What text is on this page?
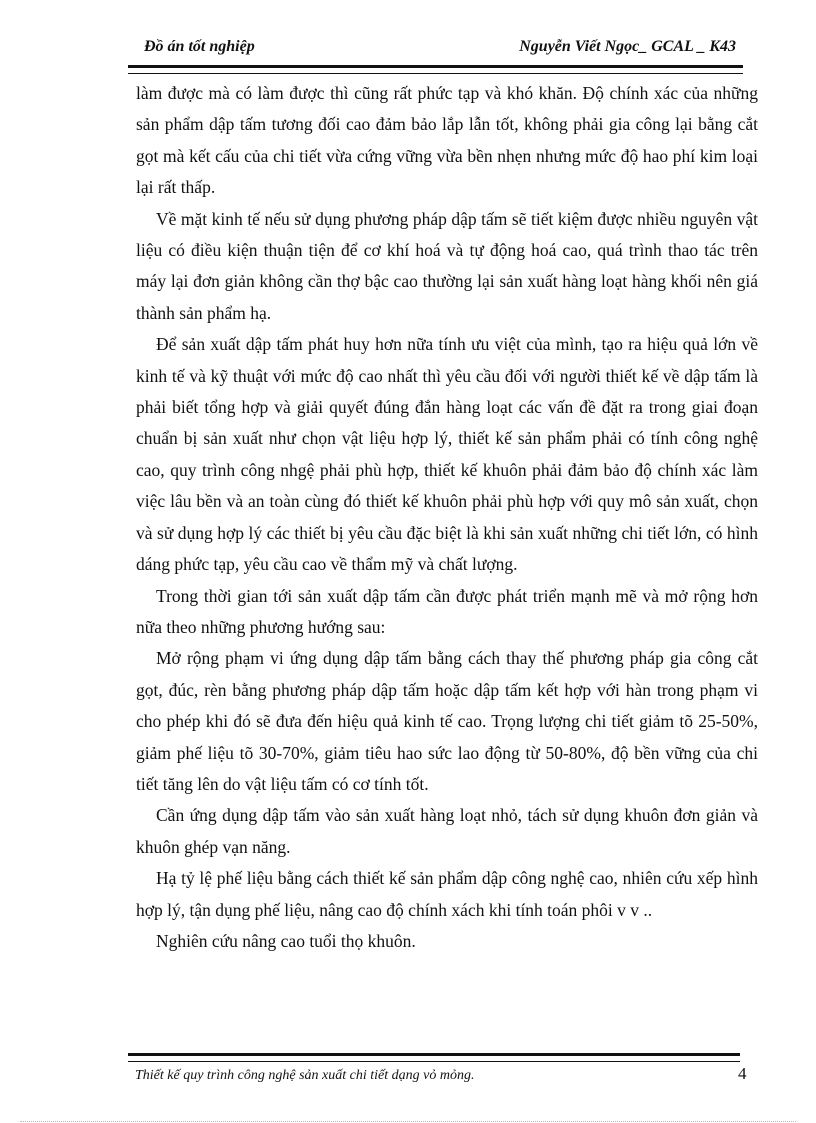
Đồ án tốt nghiệp	Nguyễn Viết Ngọc_ GCAL _ K43

làm được mà có làm được thì cũng rất phức tạp và khó khăn. Độ chính xác của những sản phẩm dập tấm tương đối cao đảm bảo lắp lẫn tốt, không phải gia công lại bằng cắt gọt mà kết cấu của chi tiết vừa cứng vững vừa bền nhẹn nhưng mức độ hao phí kim loại lại rất thấp.

Về mặt kinh tế nếu sử dụng phương pháp dập tấm sẽ tiết kiệm được nhiều nguyên vật liệu có điều kiện thuận tiện để cơ khí hoá và tự động hoá cao, quá trình thao tác trên máy lại đơn giản không cần thợ bậc cao thường lại sản xuất hàng loạt hàng khối nên giá thành sản phẩm hạ.

Để sản xuất dập tấm phát huy hơn nữa tính ưu việt của mình, tạo ra hiệu quả lớn về kinh tế và kỹ thuật với mức độ cao nhất thì yêu cầu đối với người thiết kế về dập tấm là phải biết tổng hợp và giải quyết đúng đắn hàng loạt các vấn đề đặt ra trong giai đoạn chuẩn bị sản xuất như chọn vật liệu hợp lý, thiết kế sản phẩm phải có tính công nghệ cao, quy trình công nhgệ phải phù hợp, thiết kế khuôn phải đảm bảo độ chính xác làm việc lâu bền và an toàn cùng đó thiết kế khuôn phải phù hợp với quy mô sản xuất, chọn và sử dụng hợp lý các thiết bị yêu cầu đặc biệt là khi sản xuất những chi tiết lớn, có hình dáng phức tạp, yêu cầu cao về thẩm mỹ và chất lượng.

Trong thời gian tới sản xuất dập tấm cần được phát triển mạnh mẽ và mở rộng hơn nữa theo những phương hướng sau:

Mở rộng phạm vi ứng dụng dập tấm bằng cách thay thế phương pháp gia công cắt gọt, đúc, rèn bằng phương pháp dập tấm hoặc dập tấm kết hợp với hàn trong phạm vi cho phép khi đó sẽ đưa đến hiệu quả kinh tế cao. Trọng lượng chi tiết giảm tõ 25-50%, giảm phế liệu tõ 30-70%, giảm tiêu hao sức lao động từ 50-80%, độ bền vững của chi tiết tăng lên do vật liệu tấm có cơ tính tốt.

Cần ứng dụng dập tấm vào sản xuất hàng loạt nhỏ, tách sử dụng khuôn đơn giản và khuôn ghép vạn năng.

Hạ tỷ lệ phế liệu bằng cách thiết kế sản phẩm dập công nghệ cao, nhiên cứu xếp hình hợp lý, tận dụng phế liệu, nâng cao độ chính xách khi tính toán phôi v v ..

Nghiên cứu nâng cao tuổi thọ khuôn.

Thiết kế quy trình công nghệ sản xuất chi tiết dạng vỏ mỏng.	4
